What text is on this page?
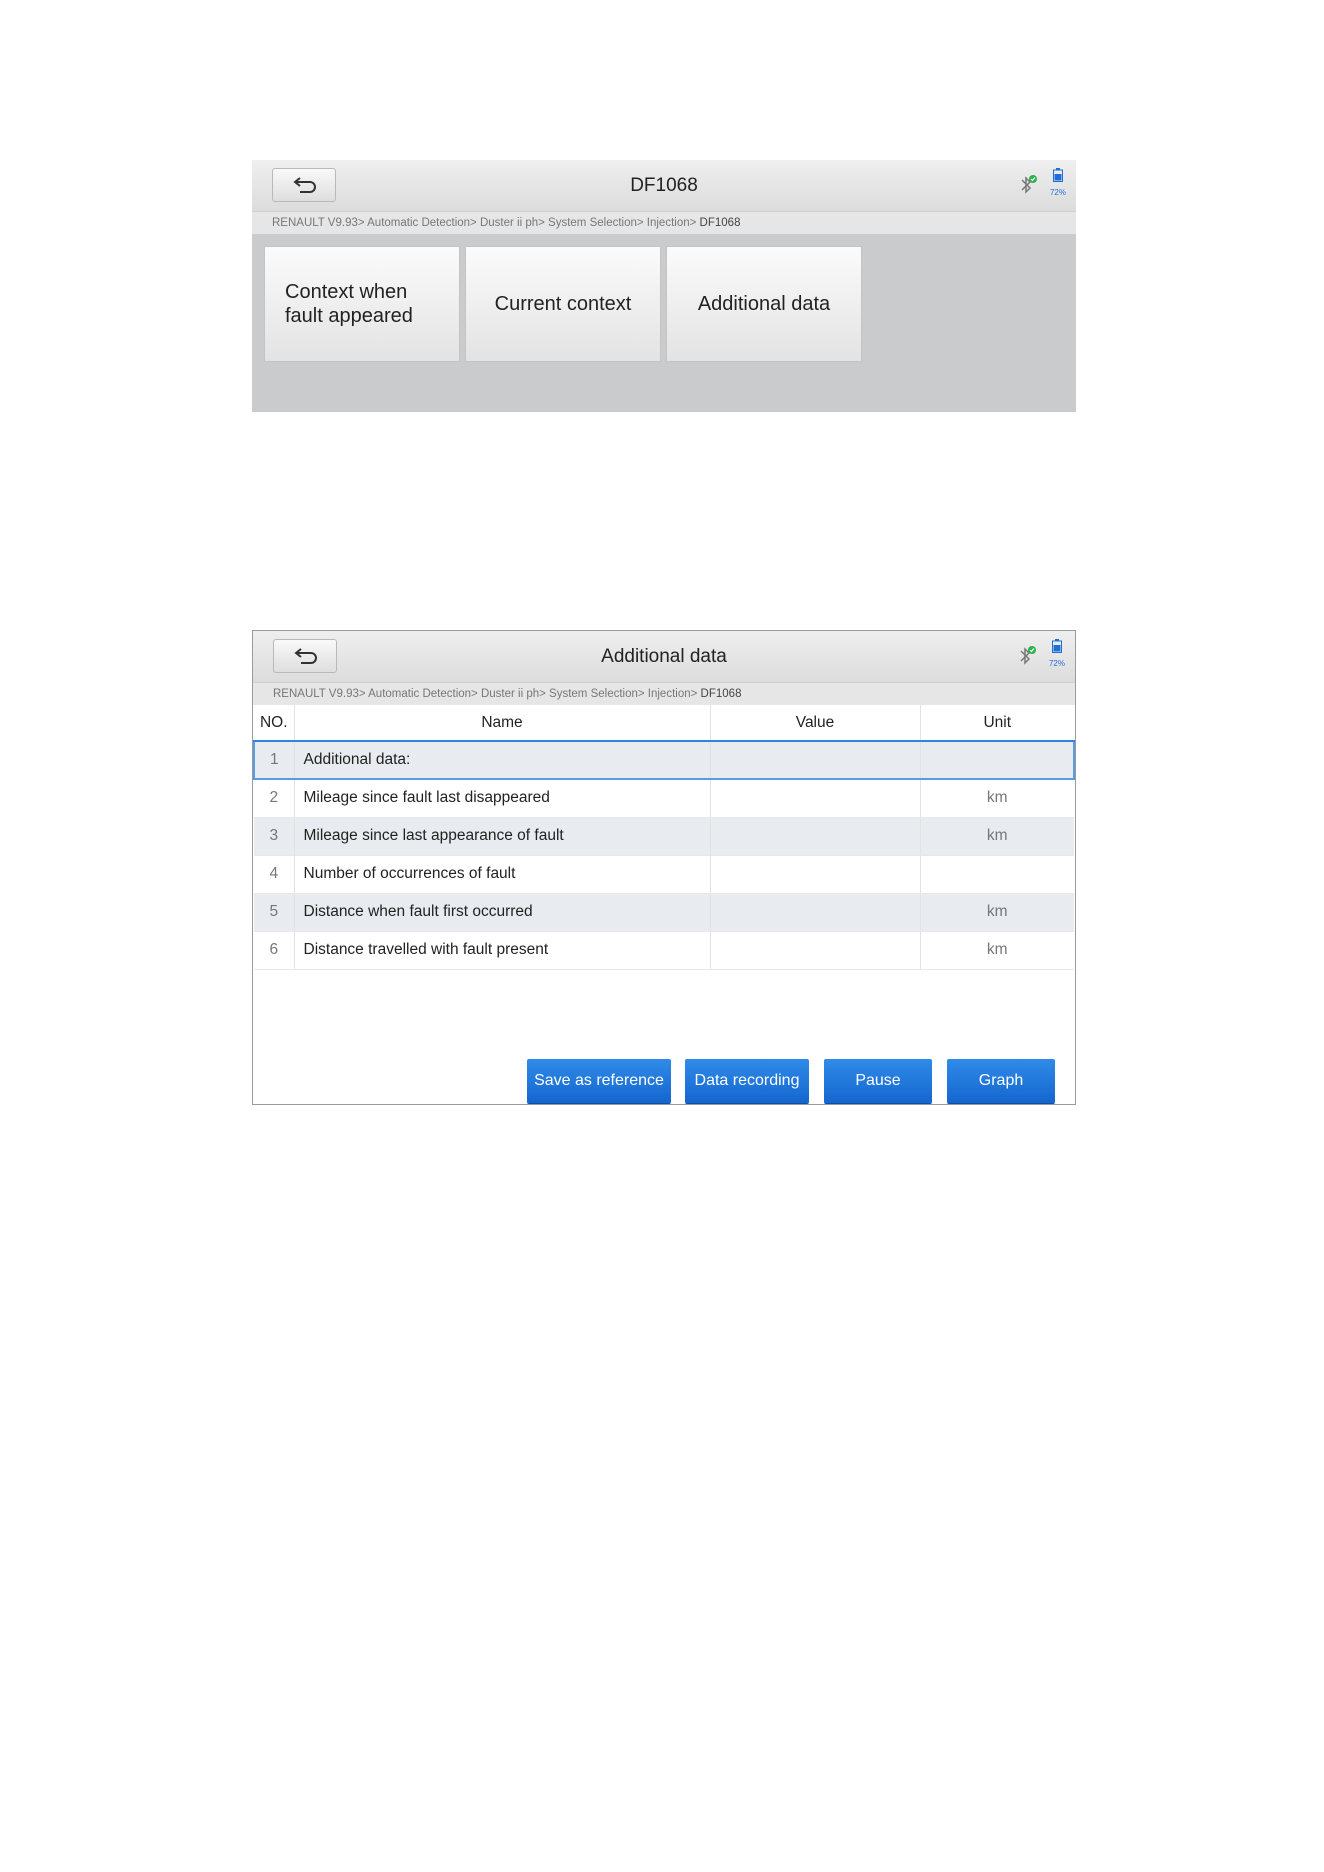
DF1068	72%
RENAULT V9.93> Automatic Detection> Duster ii ph> System Selection> Injection> DF1068
Context when fault appeared
Current context	Additional data
Additional data	72%
RENAULT V9.93> Automatic Detection> Duster ii ph> System Selection> Injection> DF1068
NO.	Name	Value	Unit
1	Additional data:		
2	Mileage since fault last disappeared		km
3	Mileage since last appearance of fault		km
4	Number of occurrences of fault		
5	Distance when fault first occurred		km
6	Distance travelled with fault present		km
Save as reference	Data recording	Pause	Graph
